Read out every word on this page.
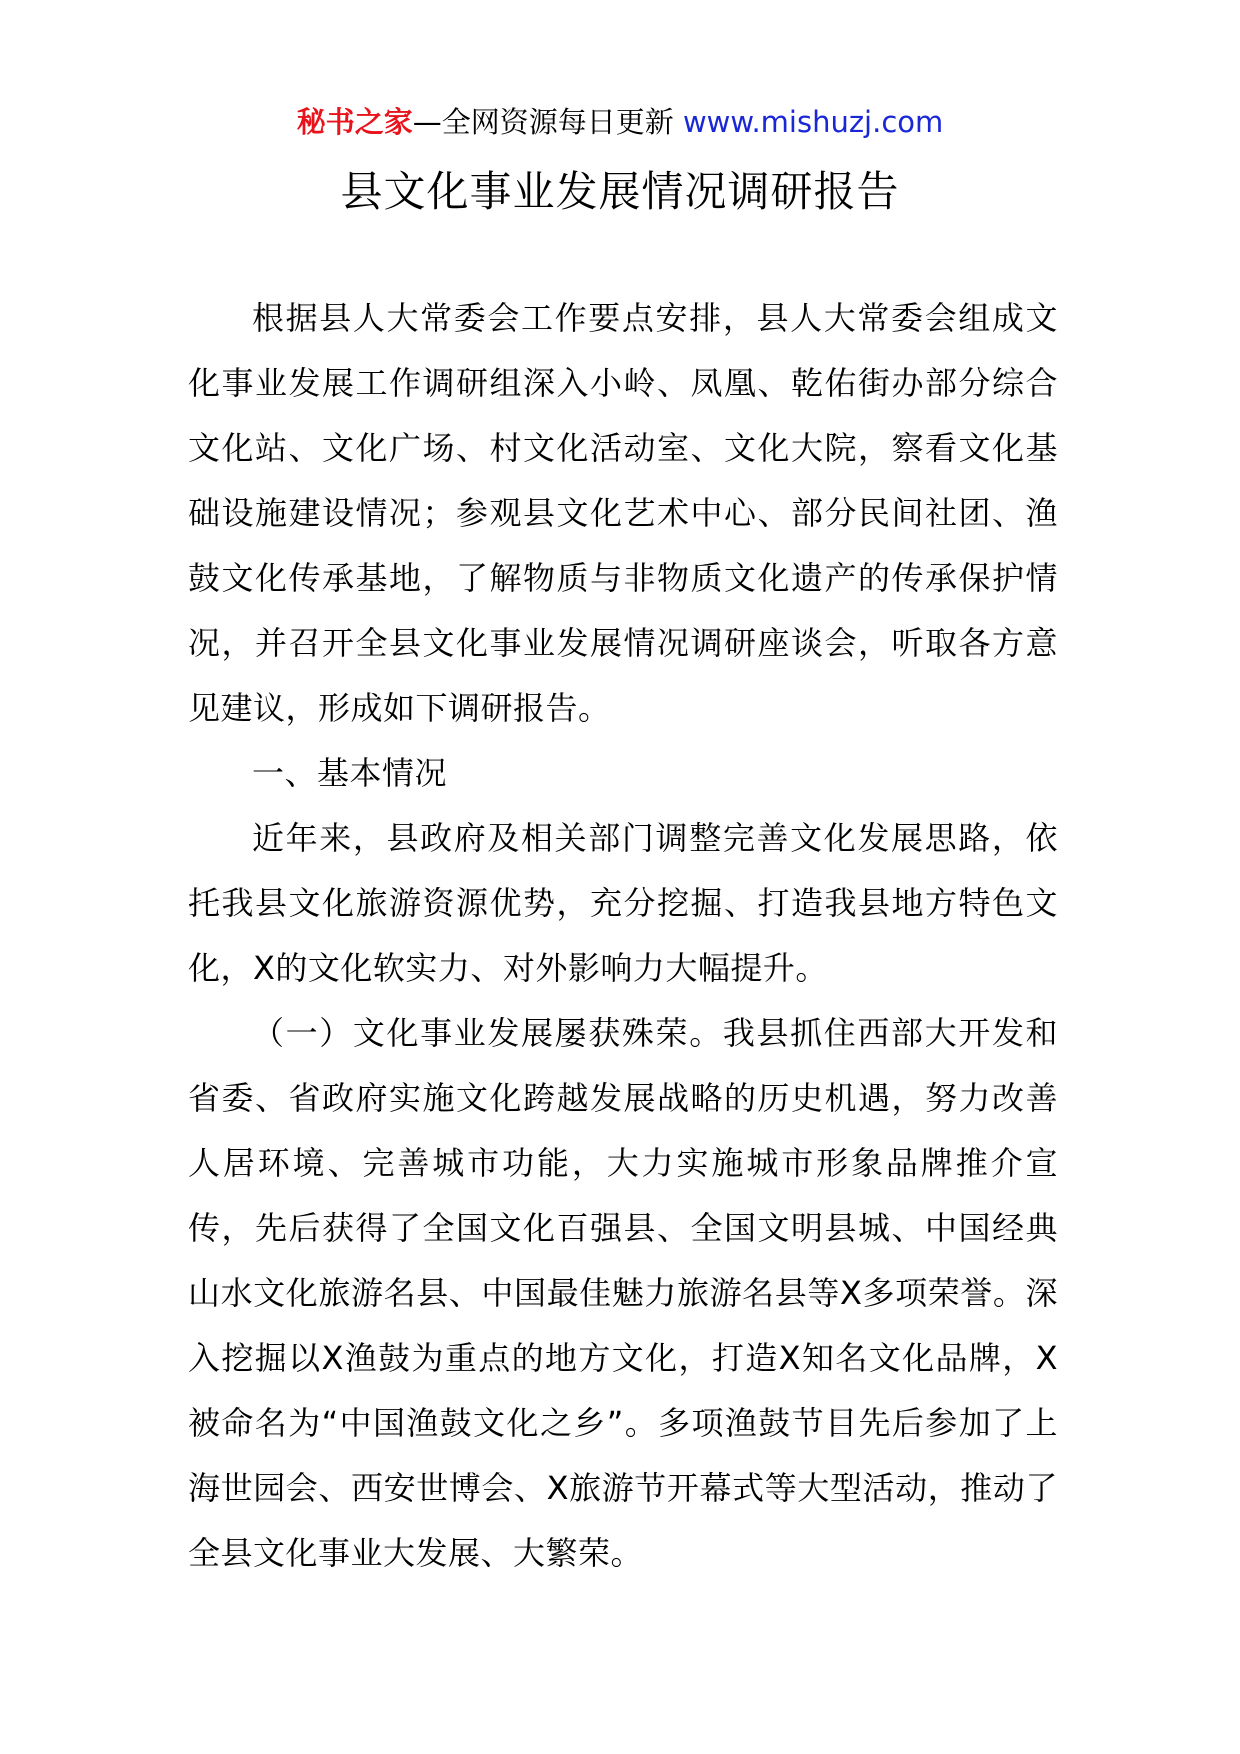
秘书之家—全网资源每日更新 www.mishuzj.com
县文化事业发展情况调研报告

根据县人大常委会工作要点安排，县人大常委会组成文化事业发展工作调研组深入小岭、凤凰、乾佑街办部分综合文化站、文化广场、村文化活动室、文化大院，察看文化基础设施建设情况；参观县文化艺术中心、部分民间社团、渔鼓文化传承基地，了解物质与非物质文化遗产的传承保护情况，并召开全县文化事业发展情况调研座谈会，听取各方意见建议，形成如下调研报告。

一、基本情况

近年来，县政府及相关部门调整完善文化发展思路，依托我县文化旅游资源优势，充分挖掘、打造我县地方特色文化，X的文化软实力、对外影响力大幅提升。

（一）文化事业发展屡获殊荣。我县抓住西部大开发和省委、省政府实施文化跨越发展战略的历史机遇，努力改善人居环境、完善城市功能，大力实施城市形象品牌推介宣传，先后获得了全国文化百强县、全国文明县城、中国经典山水文化旅游名县、中国最佳魅力旅游名县等X多项荣誉。深入挖掘以X渔鼓为重点的地方文化，打造X知名文化品牌，X被命名为“中国渔鼓文化之乡”。多项渔鼓节目先后参加了上海世园会、西安世博会、X旅游节开幕式等大型活动，推动了全县文化事业大发展、大繁荣。
